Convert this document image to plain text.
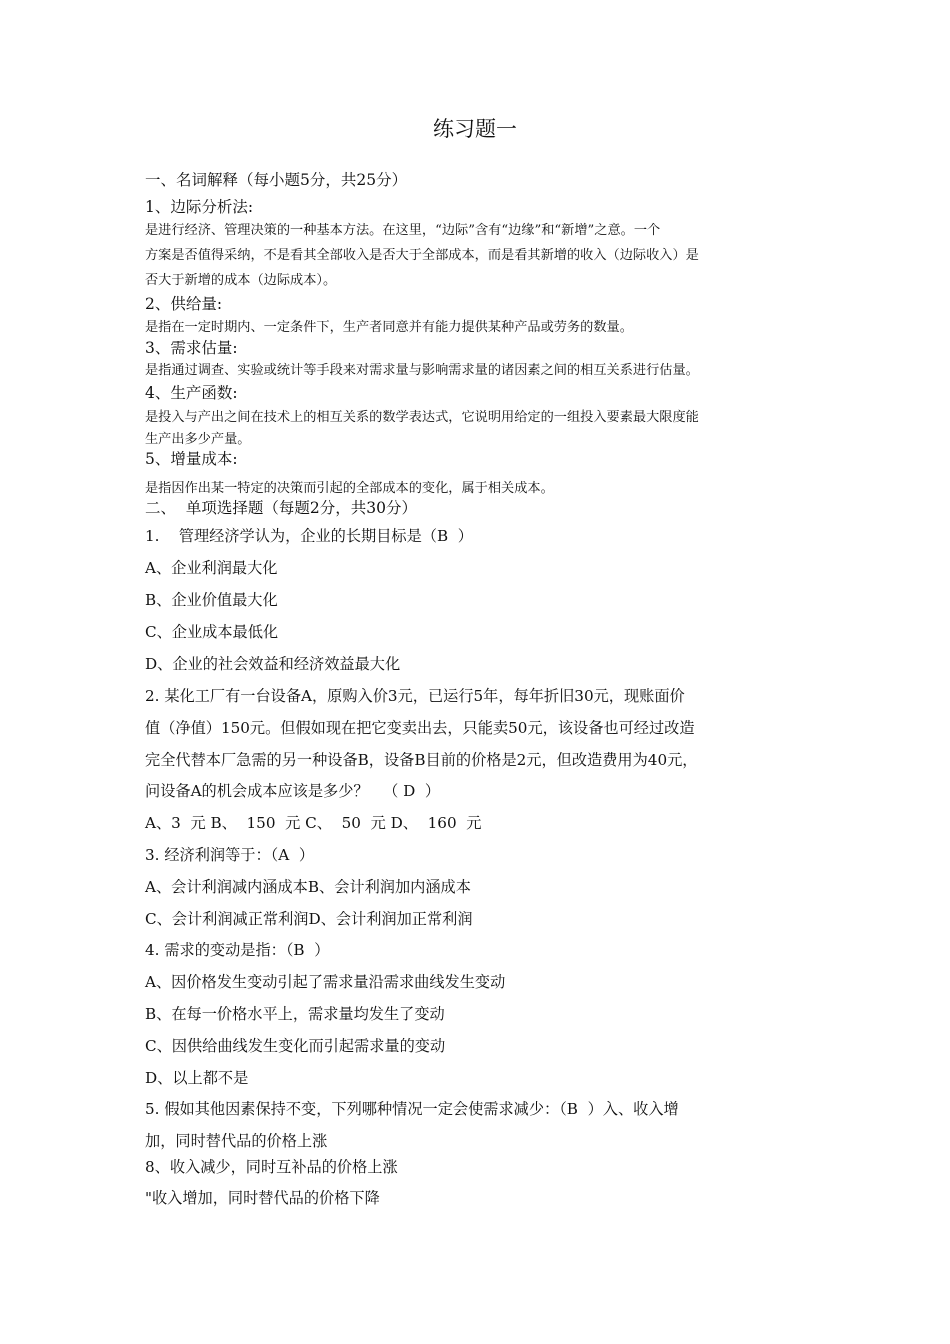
练习题一
一、名词解释（每小题5分，共25分）
1、边际分析法:
是进行经济、管理决策的一种基本方法。在这里，“边际”含有“边缘”和“新增”之意。一个
方案是否值得采纳，不是看其全部收入是否大于全部成本，而是看其新增的收入（边际收入）是
否大于新增的成本（边际成本）。
2、供给量:
是指在一定时期内、一定条件下，生产者同意并有能力提供某种产品或劳务的数量。
3、需求估量:
是指通过调查、实验或统计等手段来对需求量与影响需求量的诸因素之间的相互关系进行估量。
4、生产函数:
是投入与产出之间在技术上的相互关系的数学表达式，它说明用给定的一组投入要素最大限度能
生产出多少产量。
5、增量成本:
是指因作出某一特定的决策而引起的全部成本的变化，属于相关成本。
二、  单项选择题（每题2分，共30分）
1.    管理经济学认为，企业的长期目标是（B  ）
A、企业利润最大化
B、企业价值最大化
C、企业成本最低化
D、企业的社会效益和经济效益最大化
2. 某化工厂有一台设备A，原购入价3元，已运行5年，每年折旧30元，现账面价
值（净值）150元。但假如现在把它变卖出去，只能卖50元，该设备也可经过改造
完全代替本厂急需的另一种设备B，设备B目前的价格是2元，但改造费用为40元，
问设备A的机会成本应该是多少？   （ D  ）
A、3  元 B、  150  元 C、  50  元 D、  160  元
3. 经济利润等于：（A  ）
A、会计利润减内涵成本B、会计利润加内涵成本
C、会计利润减正常利润D、会计利润加正常利润
4. 需求的变动是指：（B  ）
A、因价格发生变动引起了需求量沿需求曲线发生变动
B、在每一价格水平上，需求量均发生了变动
C、因供给曲线发生变化而引起需求量的变动
D、以上都不是
5. 假如其他因素保持不变，下列哪种情况一定会使需求减少：（B  ）入、收入增
加，同时替代品的价格上涨
8、收入减少，同时互补品的价格上涨
"收入增加，同时替代品的价格下降
